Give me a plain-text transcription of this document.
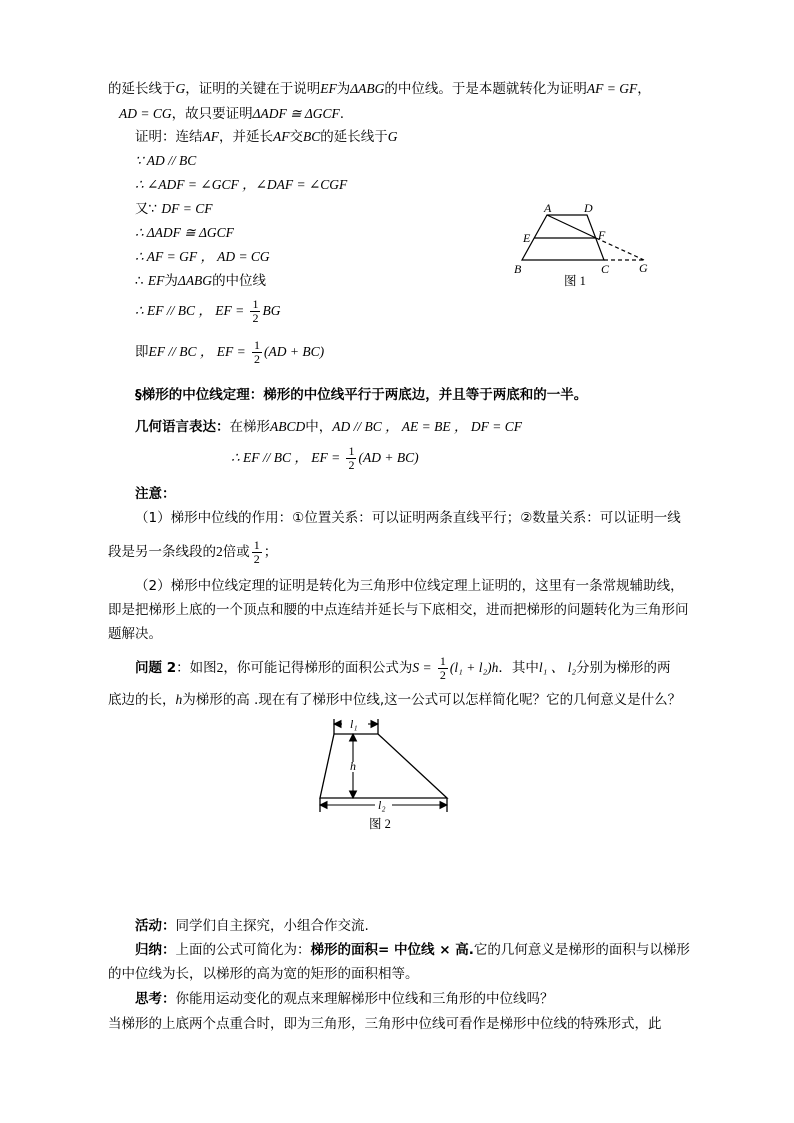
的延长线于G，证明的关键在于说明EF为ΔABG的中位线。于是本题就转化为证明AF = GF，
AD = CG，故只要证明ΔADF ≅ ΔGCF.
证明：连结AF，并延长AF交BC的延长线于G
∵ AD // BC
∴ ∠ADF = ∠GCF ，∠DAF = ∠CGF
又∵ DF = CF
∴ ΔADF ≅ ΔGCF
∴ AF = GF ， AD = CG
∴ EF为ΔABG的中位线
∴ EF // BC ， EF = $\frac{1}{2}$ BG
即EF // BC ， EF = $\frac{1}{2} (AD + BC)$
A	D
E	F
B	C G
图 1
§梯形的中位线定理：梯形的中位线平行于两底边，并且等于两底和的一半。
几何语言表达：在梯形ABCD中，AD // BC ， AE = BE ， DF = CF
∴ EF // BC ， EF = $\frac{1}{2} (AD + BC)$
注意：
（1）梯形中位线的作用：①位置关系：可以证明两条直线平行；②数量关系：可以证明一线
段是另一条线段的2倍或 $\frac{1}{2}$ ；
（2）梯形中位线定理的证明是转化为三角形中位线定理上证明的，这里有一条常规辅助线，
即是把梯形上底的一个顶点和腰的中点连结并延长与下底相交，进而把梯形的问题转化为三角形问
题解决。
问题 2：如图2，你可能记得梯形的面积公式为$S = \frac{1}{2} (l_1 + l_2)h$．其中l₁ 、 l₂分别为梯形的两
底边的长，h为梯形的高 .现在有了梯形中位线,这一公式可以怎样简化呢？它的几何意义是什么？
l₁
h
l₂
图 2
活动：同学们自主探究，小组合作交流.
归纳：上面的公式可简化为：梯形的面积= 中位线 × 高.它的几何意义是梯形的面积与以梯形
的中位线为长，以梯形的高为宽的矩形的面积相等。
思考：你能用运动变化的观点来理解梯形中位线和三角形的中位线吗？
当梯形的上底两个点重合时，即为三角形，三角形中位线可看作是梯形中位线的特殊形式，此
